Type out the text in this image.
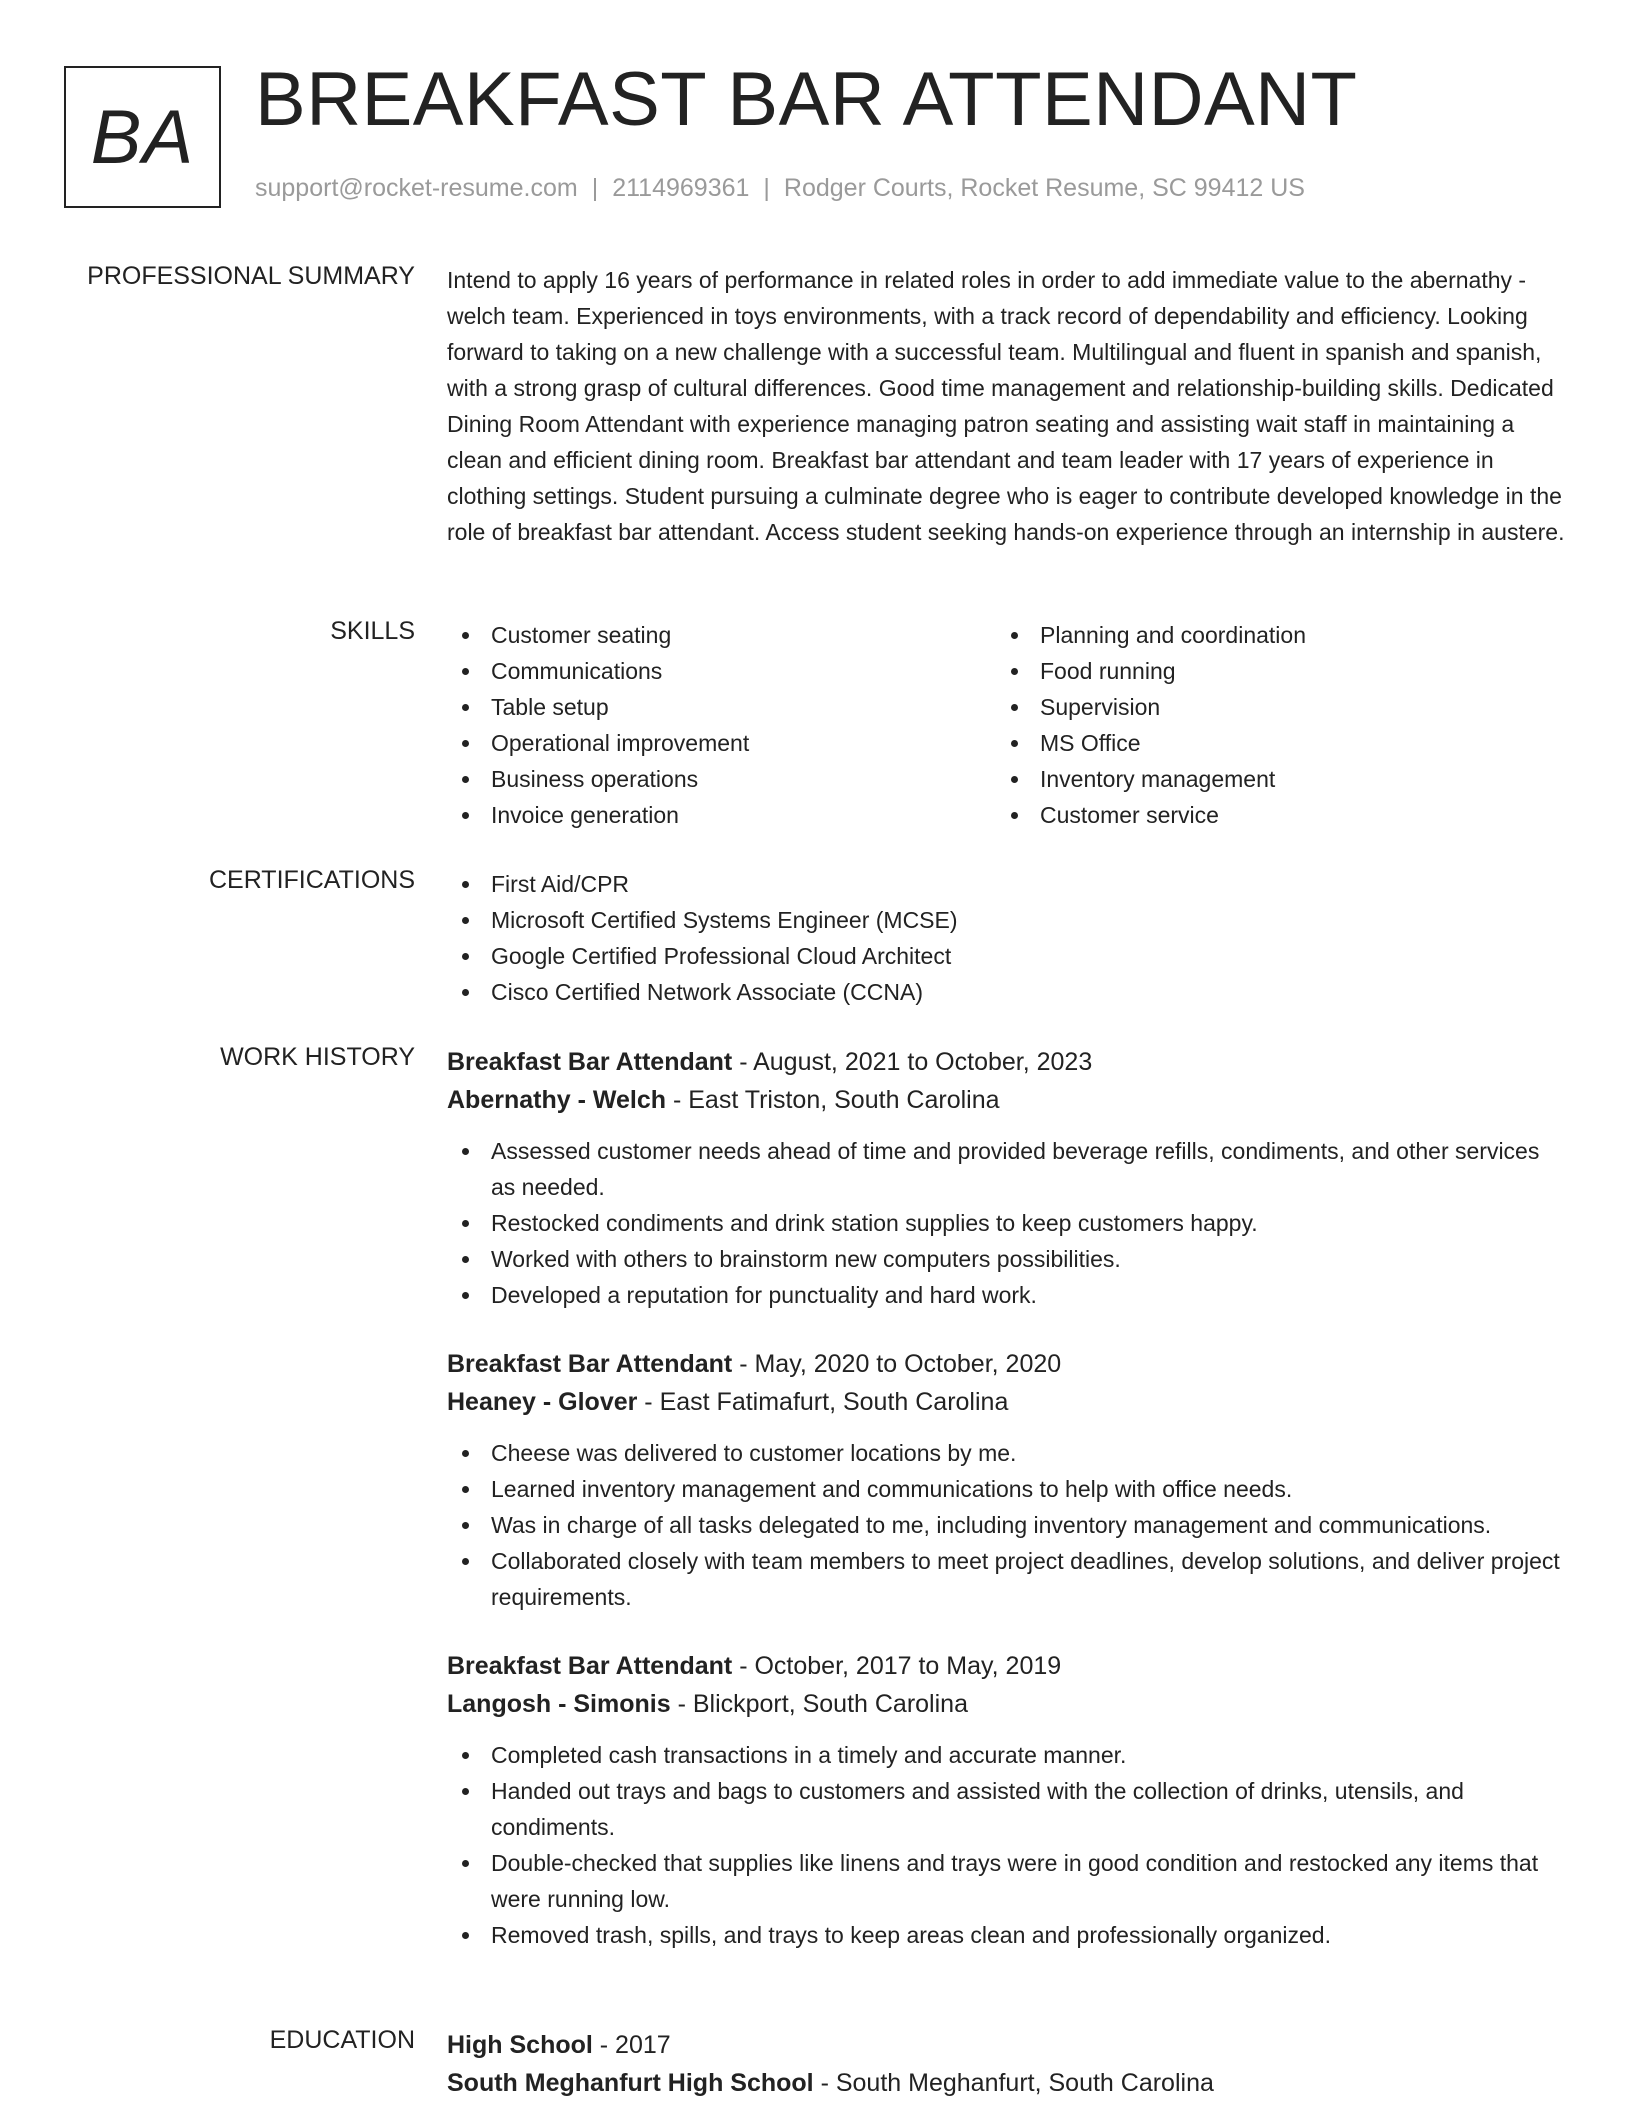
BA BREAKFAST BAR ATTENDANT
support@rocket-resume.com | 2114969361 | Rodger Courts, Rocket Resume, SC 99412 US
PROFESSIONAL SUMMARY Intend to apply 16 years of performance in related roles in order to add immediate value to the abernathy - welch team. Experienced in toys environments, with a track record of dependability and efficiency. Looking forward to taking on a new challenge with a successful team. Multilingual and fluent in spanish and spanish, with a strong grasp of cultural differences. Good time management and relationship-building skills. Dedicated Dining Room Attendant with experience managing patron seating and assisting wait staff in maintaining a clean and efficient dining room. Breakfast bar attendant and team leader with 17 years of experience in clothing settings. Student pursuing a culminate degree who is eager to contribute developed knowledge in the role of breakfast bar attendant. Access student seeking hands-on experience through an internship in austere.

SKILLS	Customer seating
Communications
Table setup
Operational improvement
Business operations
Invoice generation
Planning and coordination
Food running
Supervision
MS Office
Inventory management
Customer service
CERTIFICATIONS	First Aid/CPR
Microsoft Certified Systems Engineer (MCSE)
Google Certified Professional Cloud Architect
Cisco Certified Network Associate (CCNA)
WORK HISTORY Breakfast Bar Attendant - August, 2021 to October, 2023
Abernathy - Welch - East Triston, South Carolina
Assessed customer needs ahead of time and provided beverage refills, condiments, and other services as needed.
Restocked condiments and drink station supplies to keep customers happy.
Worked with others to brainstorm new computers possibilities.
Developed a reputation for punctuality and hard work.
Breakfast Bar Attendant - May, 2020 to October, 2020
Heaney - Glover - East Fatimafurt, South Carolina
Cheese was delivered to customer locations by me.
Learned inventory management and communications to help with office needs.
Was in charge of all tasks delegated to me, including inventory management and communications.
Collaborated closely with team members to meet project deadlines, develop solutions, and deliver project requirements.
Breakfast Bar Attendant - October, 2017 to May, 2019
Langosh - Simonis - Blickport, South Carolina
Completed cash transactions in a timely and accurate manner.
Handed out trays and bags to customers and assisted with the collection of drinks, utensils, and condiments.
Double-checked that supplies like linens and trays were in good condition and restocked any items that were running low.
Removed trash, spills, and trays to keep areas clean and professionally organized.
EDUCATION High School - 2017
South Meghanfurt High School - South Meghanfurt, South Carolina
